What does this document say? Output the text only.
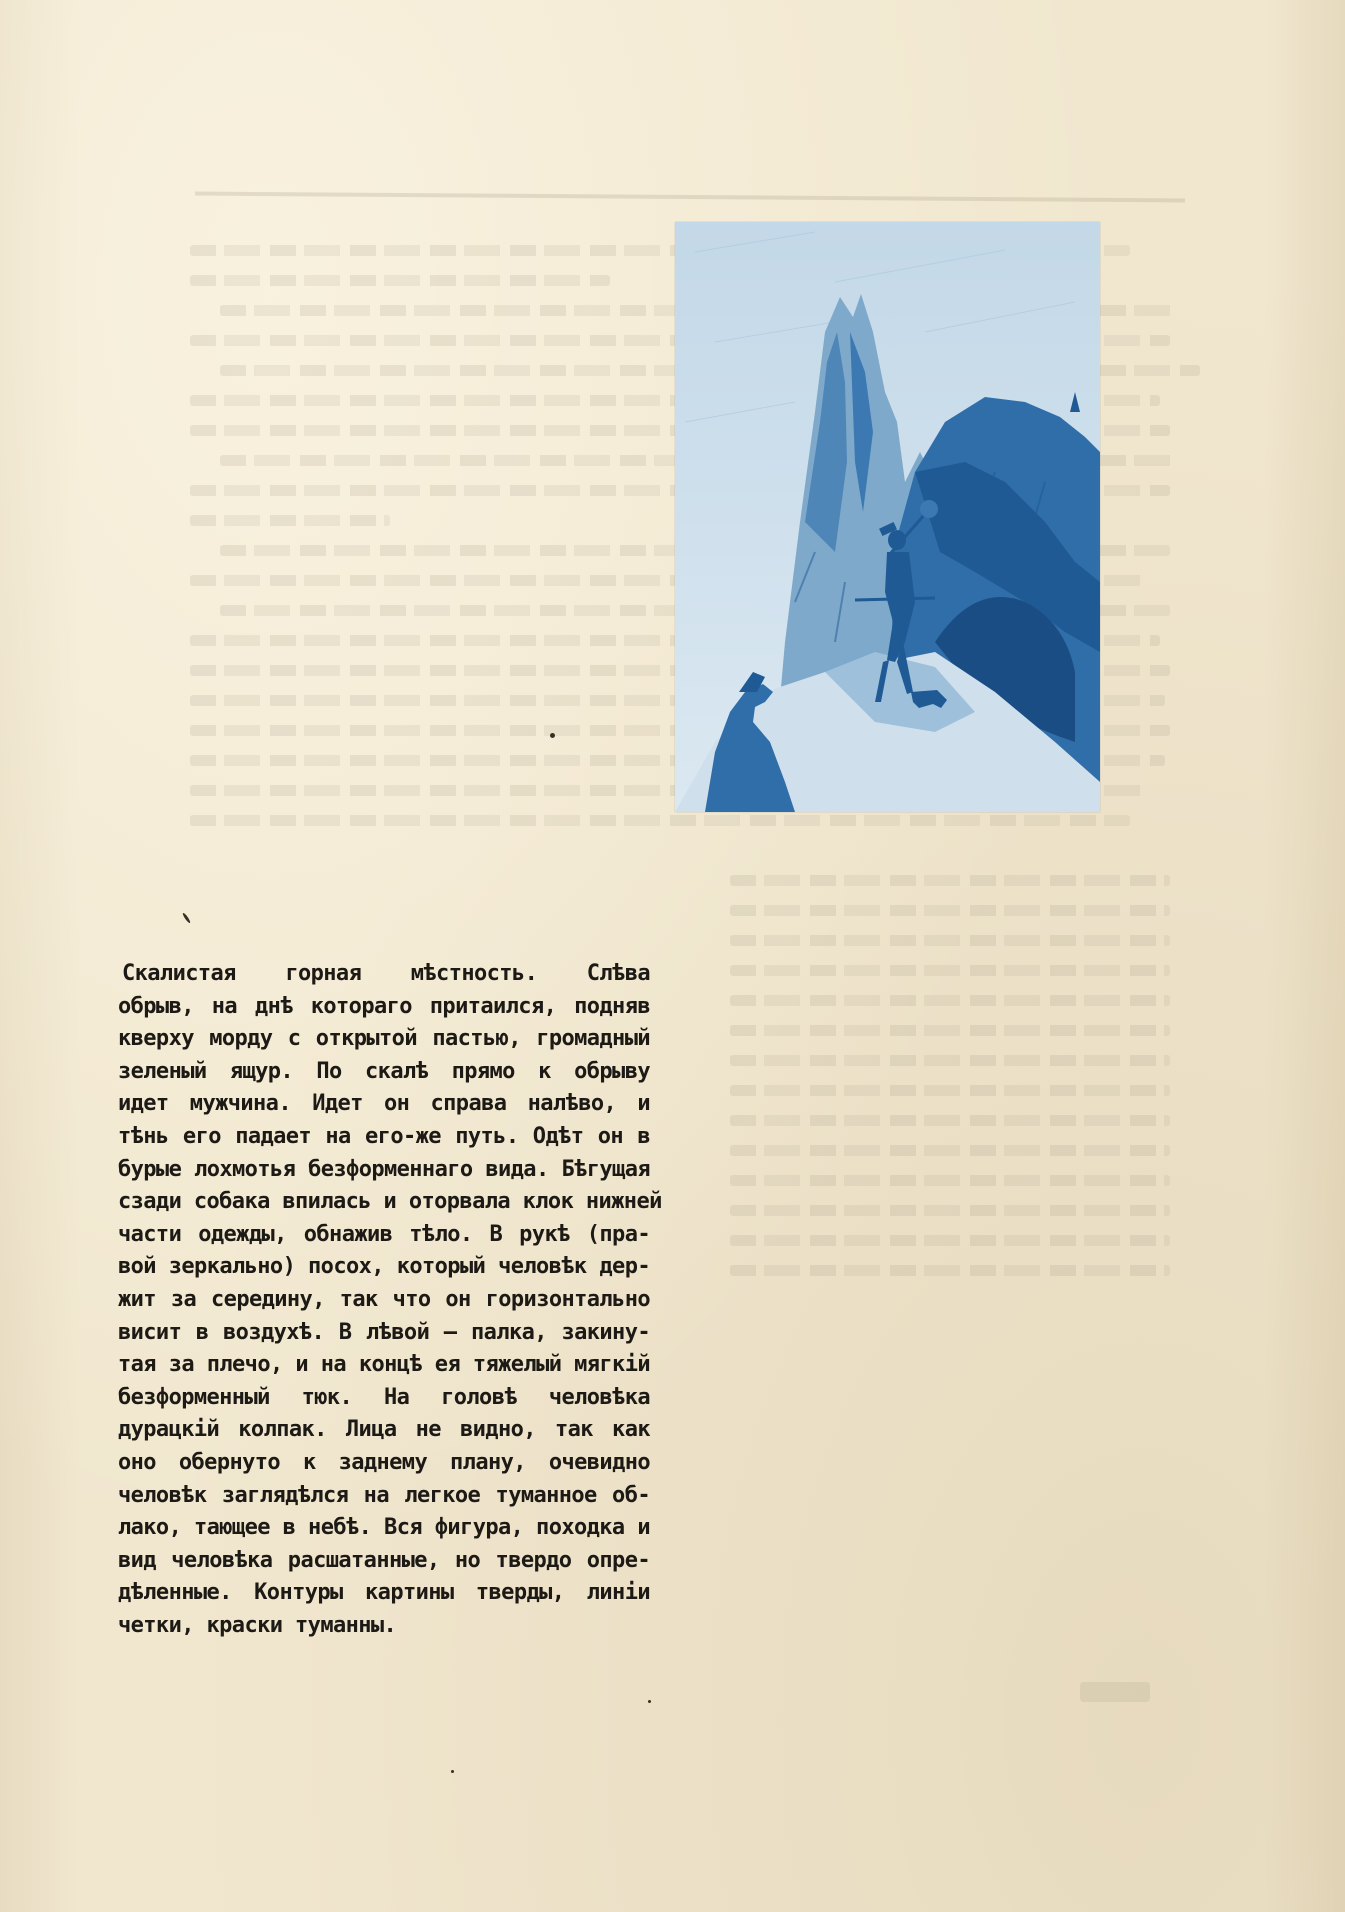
Скалистая горная мѣстность. Слѣва
обрыв, на днѣ котораго притаился, подняв
кверху морду с открытой пастью, громадный
зеленый ящур. По скалѣ прямо к обрыву
идет мужчина. Идет он справа налѣво, и
тѣнь его падает на его-же путь. Одѣт он в
бурые лохмотья безформеннаго вида. Бѣгущая
сзади собака впилась и оторвала клок нижней
части одежды, обнажив тѣло. В рукѣ (пра-
вой зеркально) посох, который человѣк дер-
жит за середину, так что он горизонтально
висит в воздухѣ. В лѣвой — палка, закину-
тая за плечо, и на концѣ ея тяжелый мягкій
безформенный тюк. На головѣ человѣка
дурацкій колпак. Лица не видно, так как
оно обернуто к заднему плану, очевидно
человѣк заглядѣлся на легкое туманное об-
лако, тающее в небѣ. Вся фигура, походка и
вид человѣка расшатанные, но твердо опре-
дѣленные. Контуры картины тверды, линіи
четки, краски туманны.
